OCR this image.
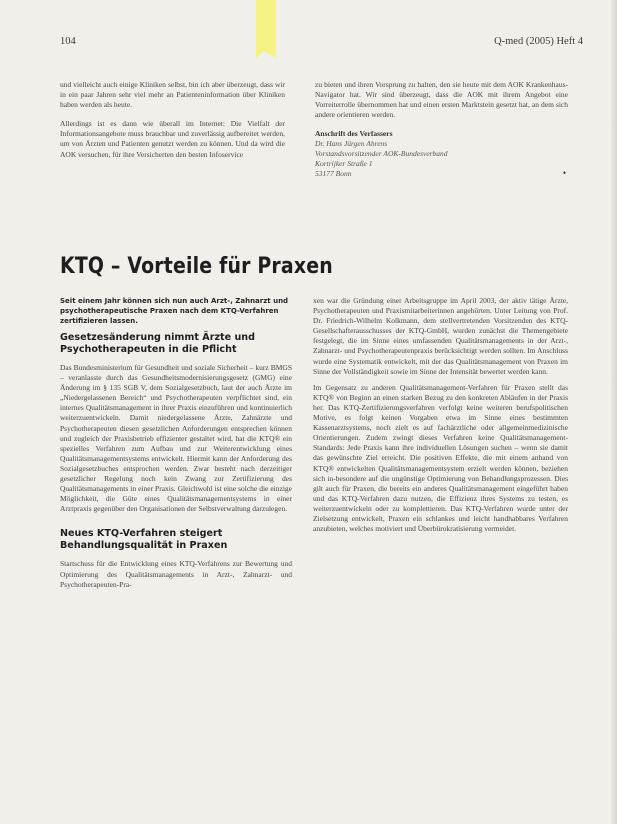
104	Q-med (2005) Heft 4

und vielleicht auch einige Kliniken selbst, bin ich aber überzeugt, dass wir in ein paar Jahren sehr viel mehr an Patienteninformation über Kliniken haben werden als heute.

Allerdings ist es dann wie überall im Internet: Die Vielfalt der Informationsangebote muss brauchbar und zuverlässig aufbereitet werden, um von Ärzten und Patienten genutzt werden zu können. Und da wird die AOK versuchen, für ihre Versicherten den besten Infoservice

zu bieten und ihren Vorsprung zu halten, den sie heute mit dem AOK Krankenhaus-Navigator hat. Wir sind überzeugt, dass die AOK mit ihrem Angebot eine Vorreiterrolle übernommen hat und einen ersten Marktstein gesetzt hat, an dem sich andere orientieren werden.

Anschrift des Verfassers
Dr. Hans Jürgen Ahrens
Vorstandsvorsitzender AOK-Bundesverband
Kortrijker Straße 1
53177 Bonn	•
KTQ – Vorteile für Praxen

Seit einem Jahr können sich nun auch Arzt-, Zahnarzt und psychotherapeutische Praxen nach dem KTQ-Verfahren zertifizieren lassen.

Gesetzesänderung nimmt Ärzte und Psychotherapeuten in die Pflicht

Das Bundesministerium für Gesundheit und soziale Sicherheit – kurz BMGS – veranlasste durch das Gesundheitsmodernisierungsgesetz (GMG) eine Änderung im § 135 SGB V, dem Sozialgesetzbuch, laut der auch Ärzte im „Niedergelassenen Bereich“ und Psychotherapeuten verpflichtet sind, ein internes Qualitätsmanagement in ihrer Praxis einzuführen und kontinuierlich weiterzuentwickeln. Damit niedergelassene Ärzte, Zahnärzte und Psychotherapeuten diesen gesetzlichen Anforderungen entsprechen können und zugleich der Praxisbetrieb effizienter gestaltet wird, hat die KTQ® ein spezielles Verfahren zum Aufbau und zur Weiterentwicklung eines Qualitätsmanagementsystems entwickelt. Hiermit kann der Anforderung des Sozialgesetzbuches entsprochen werden. Zwar besteht nach derzeitiger gesetzlicher Regelung noch kein Zwang zur Zertifizierung des Qualitätsmanagements in einer Praxis. Gleichwohl ist eine solche die einzige Möglichkeit, die Güte eines Qualitätsmanagementsystems in einer Arztpraxis gegenüber den Organisationen der Selbstverwaltung darzulegen.

Neues KTQ-Verfahren steigert Behandlungsqualität in Praxen

Startschuss für die Entwicklung eines KTQ-Verfahrens zur Bewertung und Optimierung des Qualitätsmanagements in Arzt-, Zahnarzt- und Psychotherapeuten-Pra-

xen war die Gründung einer Arbeitsgruppe im April 2003, der aktiv tätige Ärzte, Psychotherapeuten und Praxismitarbeiterinnen angehörten. Unter Leitung von Prof. Dr. Friedrich-Wilhelm Kolkmann, dem stellvertretenden Vorsitzenden des KTQ-Gesellschafterausschusses der KTQ-GmbH, wurden zunächst die Themengebiete festgelegt, die im Sinne eines umfassenden Qualitätsmanagements in der Arzt-, Zahnarzt- und Psychotherapeutenpraxis berücksichtigt werden sollten. Im Anschluss wurde eine Systematik entwickelt, mit der das Qualitätsmanagement von Praxen im Sinne der Vollständigkeit sowie im Sinne der Intensität bewertet werden kann.

Im Gegensatz zu anderen Qualitätsmanagement-Verfahren für Praxen stellt das KTQ® von Beginn an einen starken Bezug zu den konkreten Abläufen in der Praxis her. Das KTQ-Zertifizierungsverfahren verfolgt keine weiteren berufspolitischen Motive, es folgt keinen Vorgaben etwa im Sinne eines bestimmten Kassenarztsystems, noch zielt es auf fachärztliche oder allgemeinmedizinische Orientierungen. Zudem zwingt dieses Verfahren keine Qualitätsmanagement-Standards: Jede Praxis kann ihre individuellen Lösungen suchen – wenn sie damit das gewünschte Ziel erreicht. Die positiven Effekte, die mit einem anhand von KTQ® entwickelten Qualitätsmanagementsystem erzielt werden können, beziehen sich in-besondere auf die ungünstige Optimierung von Behandlungsprozessen. Dies gilt auch für Praxen, die bereits ein anderes Qualitätsmanagement eingeführt haben und das KTQ-Verfahren dazu nutzen, die Effizienz ihres Systems zu testen, es weiterzuentwickeln oder zu komplettieren. Das KTQ-Verfahren wurde unter der Zielsetzung entwickelt, Praxen ein schlankes und leicht handhabbares Verfahren anzubieten, welches motiviert und Überbürokratisierung vermeidet.
